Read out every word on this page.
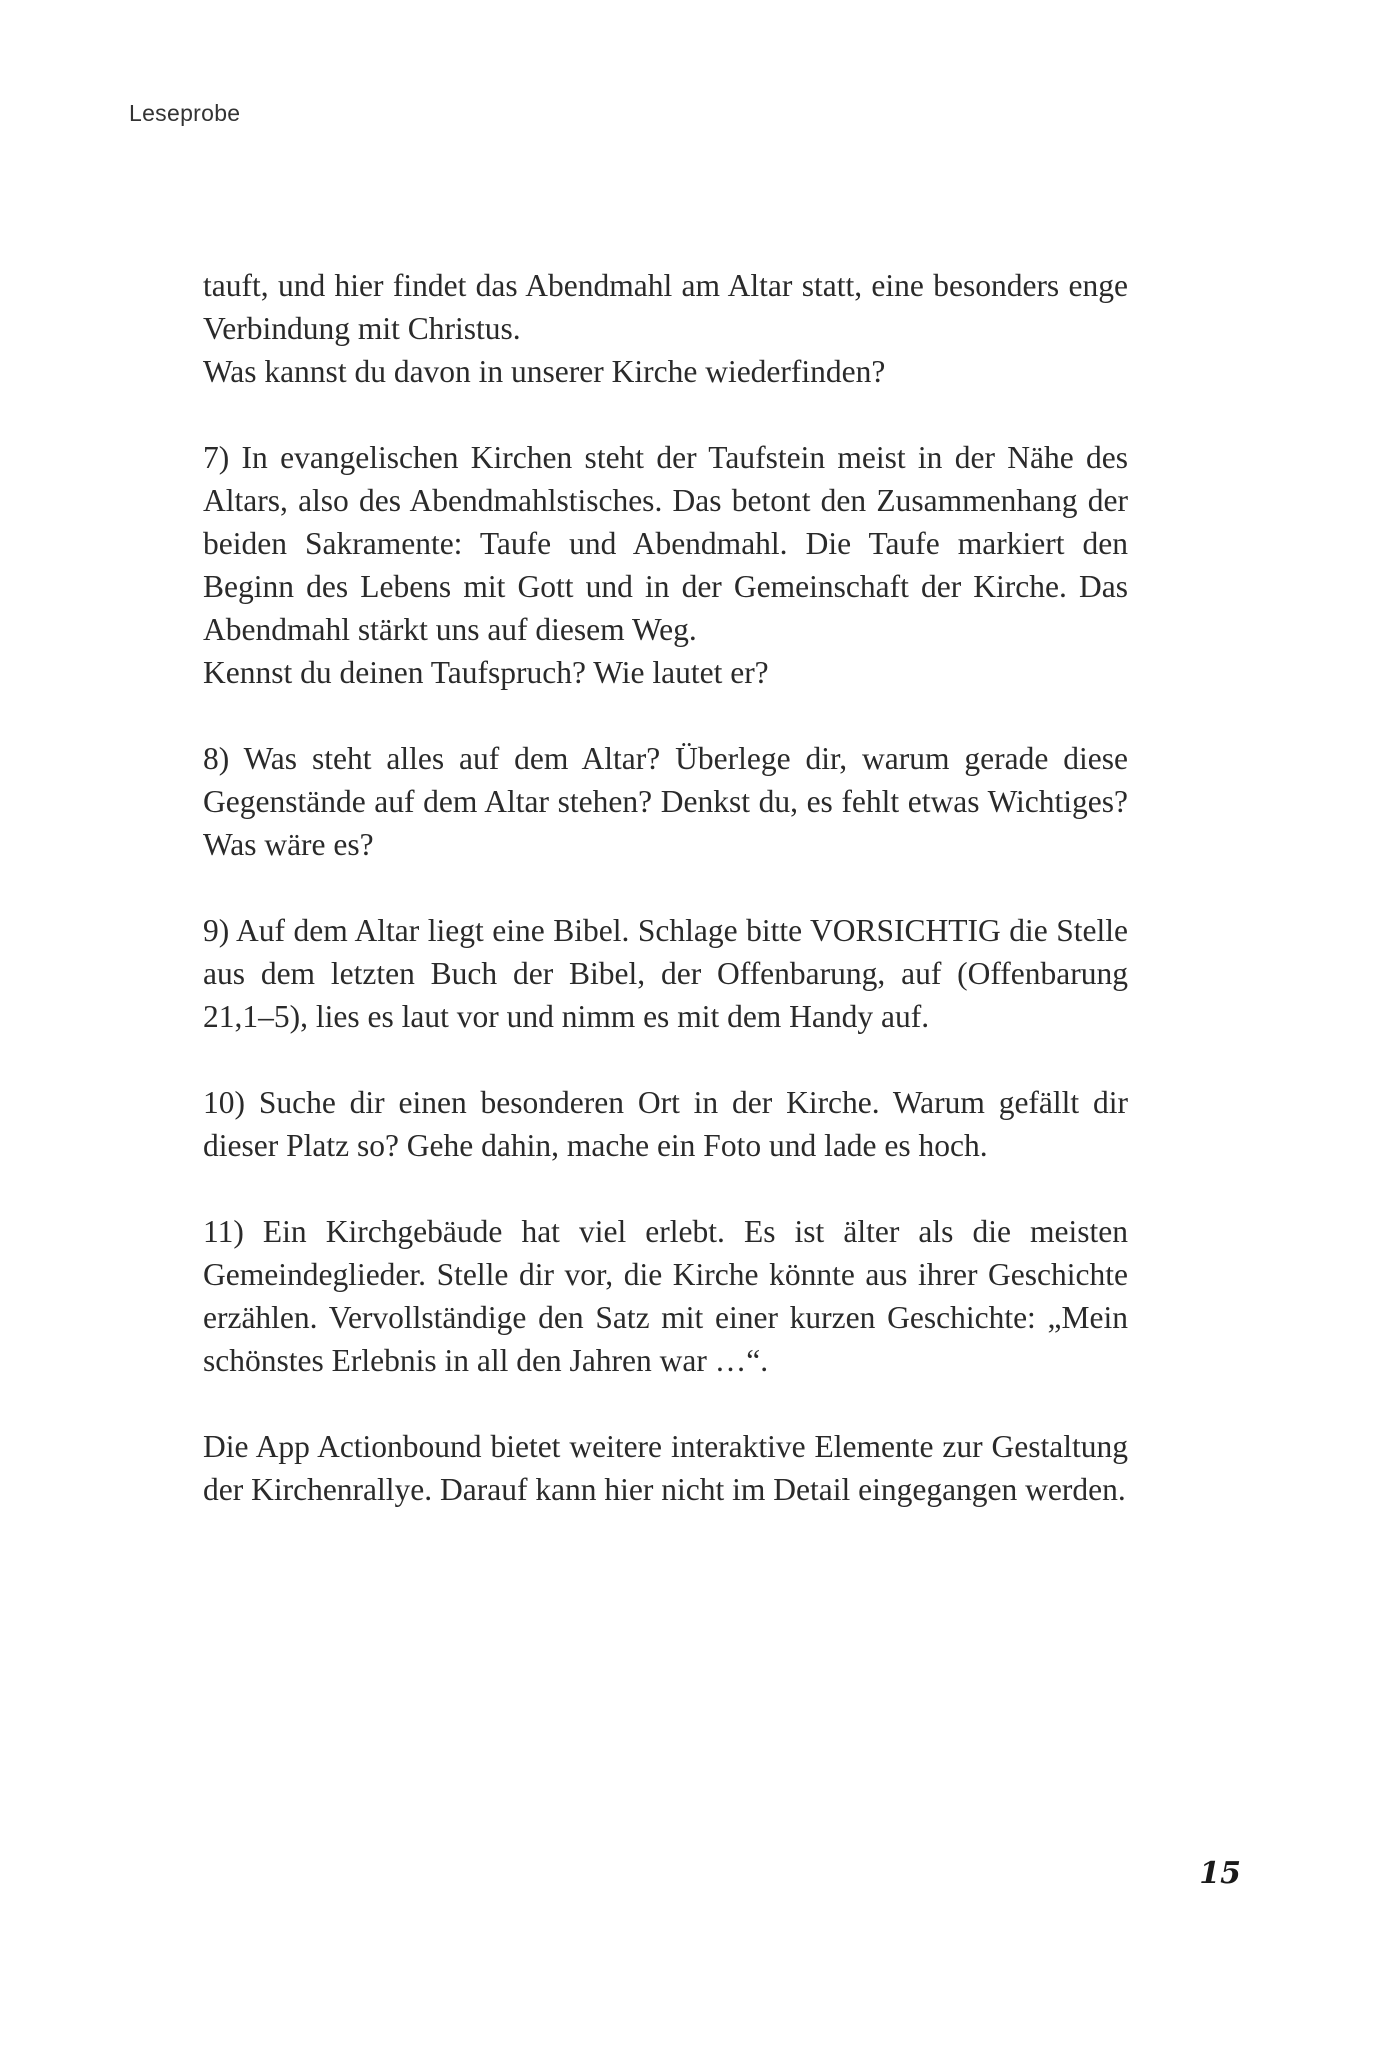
Leseprobe

tauft, und hier findet das Abendmahl am Altar statt, eine besonders enge Verbindung mit Christus.
Was kannst du davon in unserer Kirche wiederfinden?

7) In evangelischen Kirchen steht der Taufstein meist in der Nähe des Altars, also des Abendmahlstisches. Das betont den Zusammenhang der beiden Sakramente: Taufe und Abendmahl. Die Taufe markiert den Beginn des Lebens mit Gott und in der Gemeinschaft der Kirche. Das Abendmahl stärkt uns auf diesem Weg.
Kennst du deinen Taufspruch? Wie lautet er?

8) Was steht alles auf dem Altar? Überlege dir, warum gerade diese Gegenstände auf dem Altar stehen? Denkst du, es fehlt etwas Wichtiges? Was wäre es?

9) Auf dem Altar liegt eine Bibel. Schlage bitte VORSICHTIG die Stelle aus dem letzten Buch der Bibel, der Offenbarung, auf (Offenbarung 21,1–5), lies es laut vor und nimm es mit dem Handy auf.

10) Suche dir einen besonderen Ort in der Kirche. Warum gefällt dir dieser Platz so? Gehe dahin, mache ein Foto und lade es hoch.

11) Ein Kirchgebäude hat viel erlebt. Es ist älter als die meisten Gemeindeglieder. Stelle dir vor, die Kirche könnte aus ihrer Geschichte erzählen. Vervollständige den Satz mit einer kurzen Geschichte: „Mein schönstes Erlebnis in all den Jahren war …“.

Die App Actionbound bietet weitere interaktive Elemente zur Gestaltung der Kirchenrallye. Darauf kann hier nicht im Detail eingegangen werden.

15
